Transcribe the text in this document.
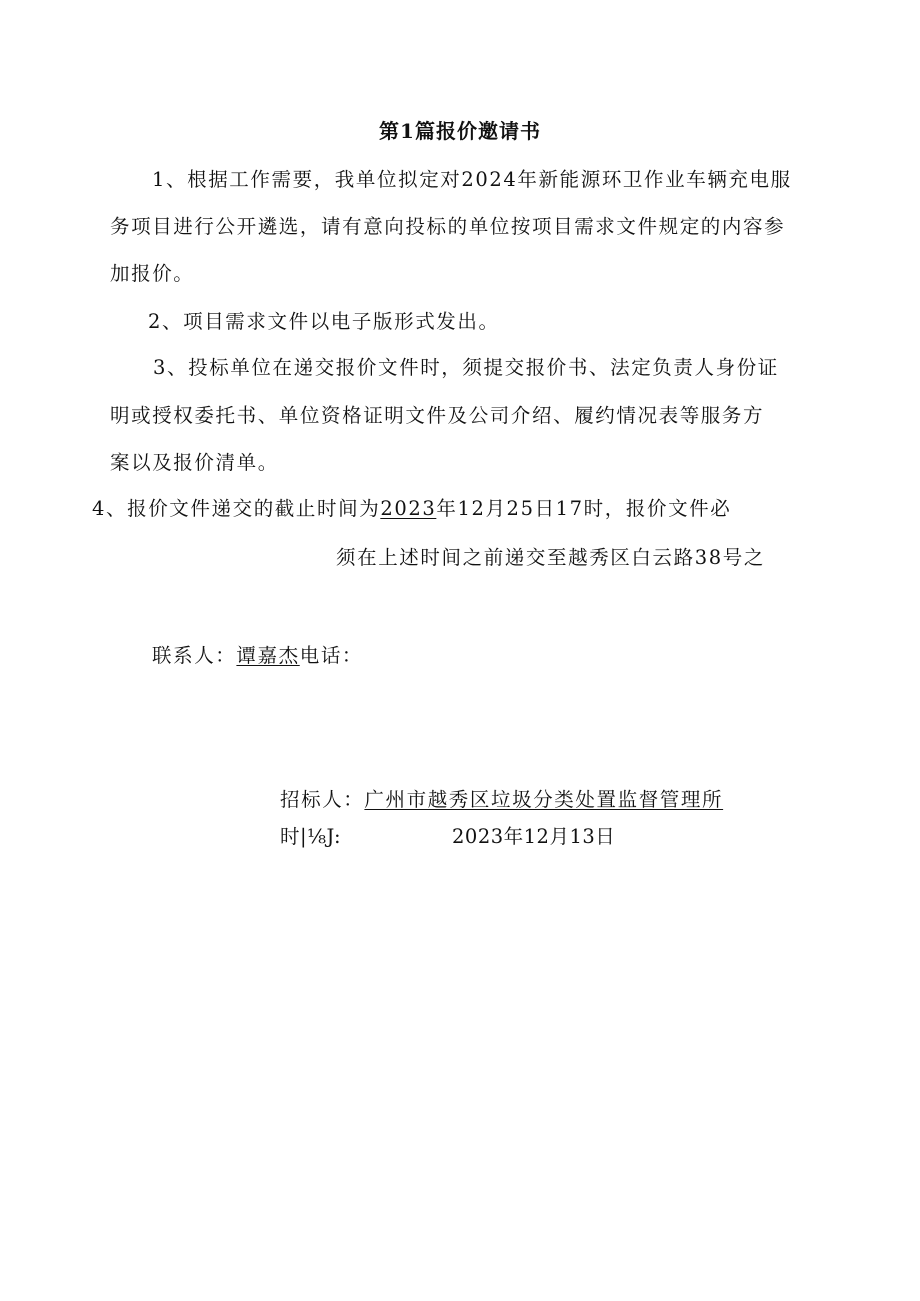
第1篇报价邀请书
1、根据工作需要，我单位拟定对2024年新能源环卫作业车辆充电服
务项目进行公开遴选，请有意向投标的单位按项目需求文件规定的内容参
加报价。
2、项目需求文件以电子版形式发出。
3、投标单位在递交报价文件时，须提交报价书、法定负责人身份证
明或授权委托书、单位资格证明文件及公司介绍、履约情况表等服务方
案以及报价清单。
4、报价文件递交的截止时间为2023年12月25日17时，报价文件必
须在上述时间之前递交至越秀区白云路38号之
联系人：谭嘉杰电话：
招标人：广州市越秀区垃圾分类处置监督管理所
时|⅛J:	2023年12月13日
